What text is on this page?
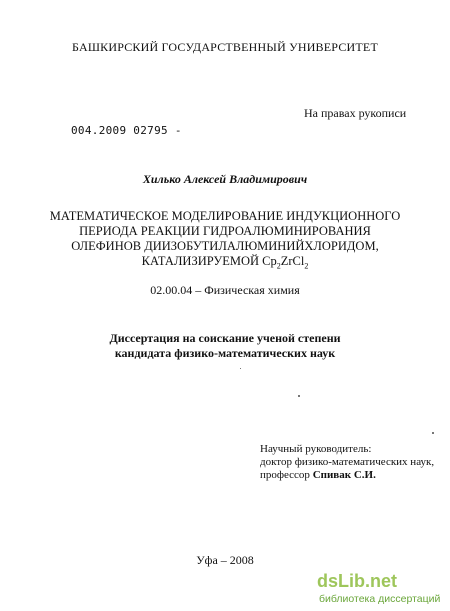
БАШКИРСКИЙ ГОСУДАРСТВЕННЫЙ УНИВЕРСИТЕТ
На правах рукописи
004.2009 02795 -
Хилько Алексей Владимирович
МАТЕМАТИЧЕСКОЕ МОДЕЛИРОВАНИЕ ИНДУКЦИОННОГО
ПЕРИОДА РЕАКЦИИ ГИДРОАЛЮМИНИРОВАНИЯ
ОЛЕФИНОВ ДИИЗОБУТИЛАЛЮМИНИЙХЛОРИДОМ,
КАТАЛИЗИРУЕМОЙ $Cp_2ZrCl_2$
02.00.04 – Физическая химия
Диссертация на соискание ученой степени
кандидата физико-математических наук
Научный руководитель:
доктор физико-математических наук,
профессор Спивак С.И.
Уфа – 2008
dsLib.net
библиотека диссертаций
